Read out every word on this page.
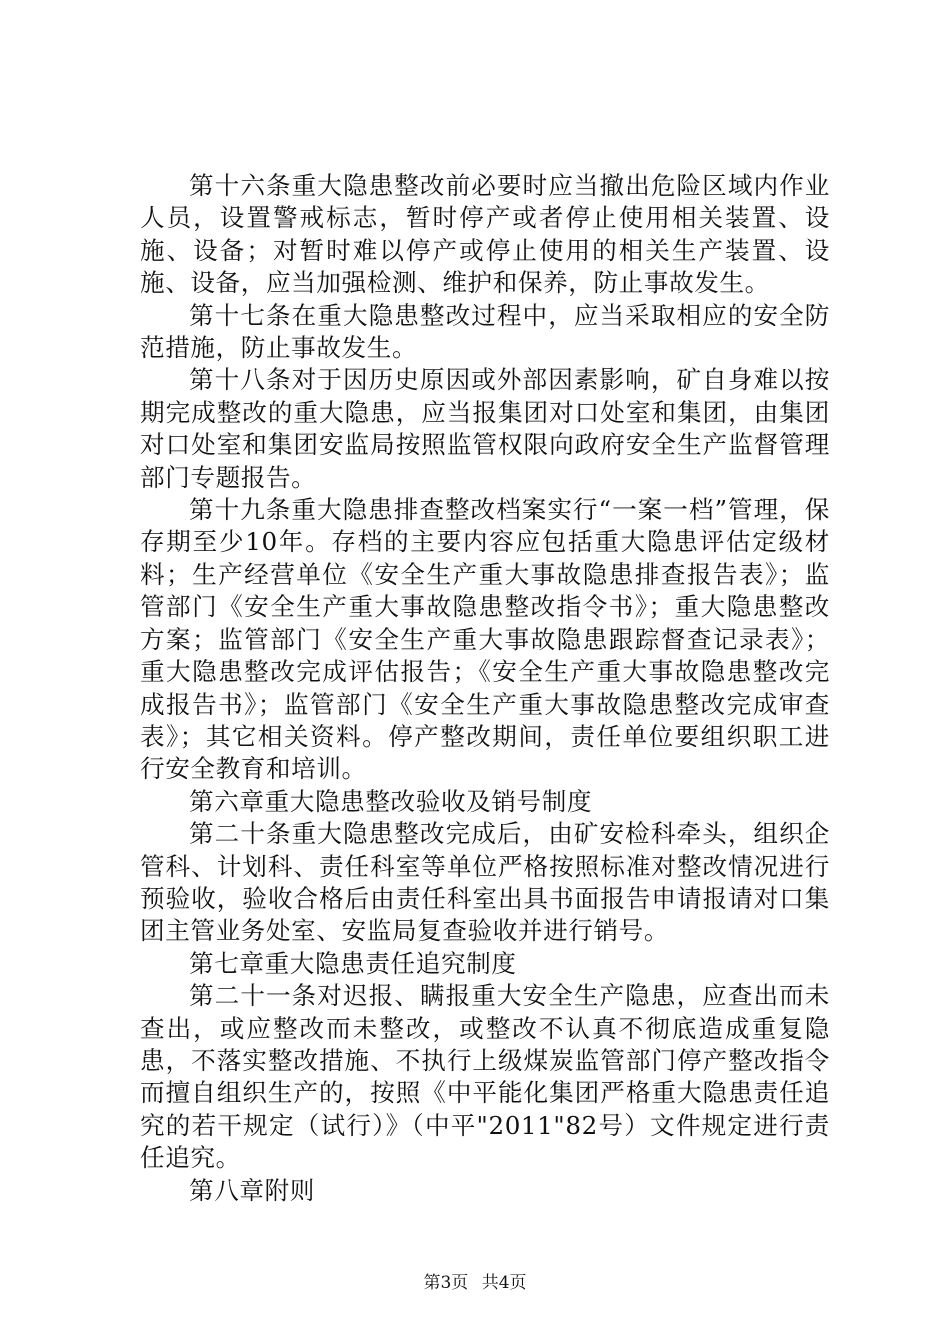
第十六条重大隐患整改前必要时应当撤出危险区域内作业人员，设置警戒标志，暂时停产或者停止使用相关装置、设施、设备；对暂时难以停产或停止使用的相关生产装置、设施、设备，应当加强检测、维护和保养，防止事故发生。

第十七条在重大隐患整改过程中，应当采取相应的安全防范措施，防止事故发生。

第十八条对于因历史原因或外部因素影响，矿自身难以按期完成整改的重大隐患，应当报集团对口处室和集团，由集团对口处室和集团安监局按照监管权限向政府安全生产监督管理部门专题报告。

第十九条重大隐患排查整改档案实行“一案一档”管理，保存期至少10年。存档的主要内容应包括重大隐患评估定级材料；生产经营单位《安全生产重大事故隐患排查报告表》；监管部门《安全生产重大事故隐患整改指令书》；重大隐患整改方案；监管部门《安全生产重大事故隐患跟踪督查记录表》；重大隐患整改完成评估报告；《安全生产重大事故隐患整改完成报告书》；监管部门《安全生产重大事故隐患整改完成审查表》；其它相关资料。停产整改期间，责任单位要组织职工进行安全教育和培训。

第六章重大隐患整改验收及销号制度

第二十条重大隐患整改完成后，由矿安检科牵头，组织企管科、计划科、责任科室等单位严格按照标准对整改情况进行预验收，验收合格后由责任科室出具书面报告申请报请对口集团主管业务处室、安监局复查验收并进行销号。

第七章重大隐患责任追究制度

第二十一条对迟报、瞒报重大安全生产隐患，应查出而未查出，或应整改而未整改，或整改不认真不彻底造成重复隐患，不落实整改措施、不执行上级煤炭监管部门停产整改指令而擅自组织生产的，按照《中平能化集团严格重大隐患责任追究的若干规定（试行）》（中平"2011"82号）文件规定进行责任追究。

第八章附则

第3页 共4页
